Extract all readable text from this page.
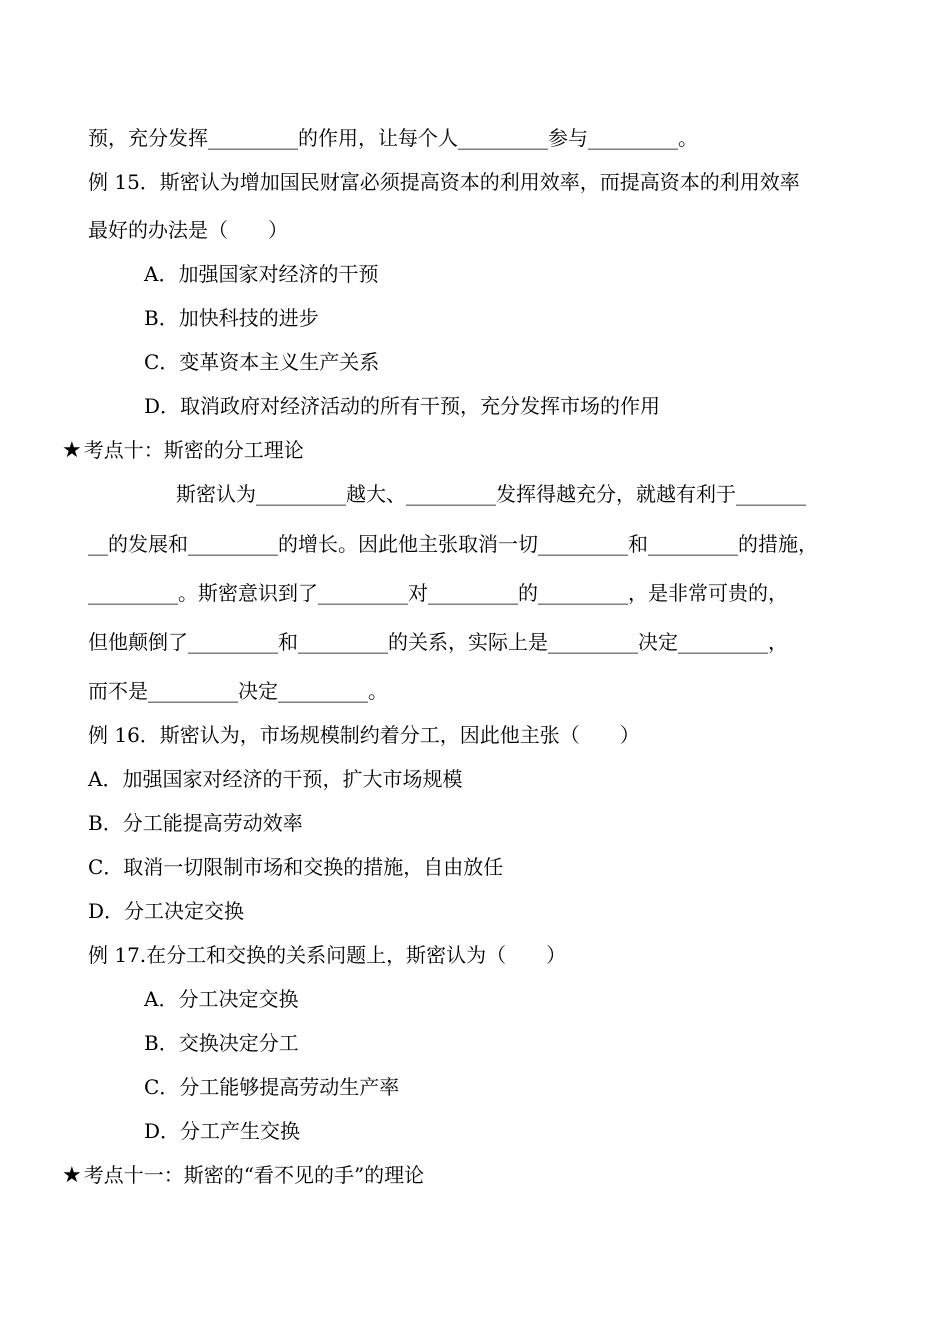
预，充分发挥_________的作用，让每个人_________参与_________。
例 15．斯密认为增加国民财富必须提高资本的利用效率，而提高资本的利用效率
最好的办法是（　　）
A．加强国家对经济的干预
B．加快科技的进步
C．变革资本主义生产关系
D．取消政府对经济活动的所有干预，充分发挥市场的作用
★ 考点十：斯密的分工理论
斯密认为_________越大、_________发挥得越充分，就越有利于_______
__的发展和_________的增长。因此他主张取消一切_________和_________的措施，
_________。斯密意识到了_________对_________的_________，是非常可贵的，
但他颠倒了_________和_________的关系，实际上是_________决定_________，
而不是_________决定_________。
例 16．斯密认为，市场规模制约着分工，因此他主张（　　）
A．加强国家对经济的干预，扩大市场规模
B．分工能提高劳动效率
C．取消一切限制市场和交换的措施，自由放任
D．分工决定交换
例 17.在分工和交换的关系问题上，斯密认为（　　）
A．分工决定交换
B．交换决定分工
C．分工能够提高劳动生产率
D．分工产生交换
★ 考点十一：斯密的“看不见的手”的理论
